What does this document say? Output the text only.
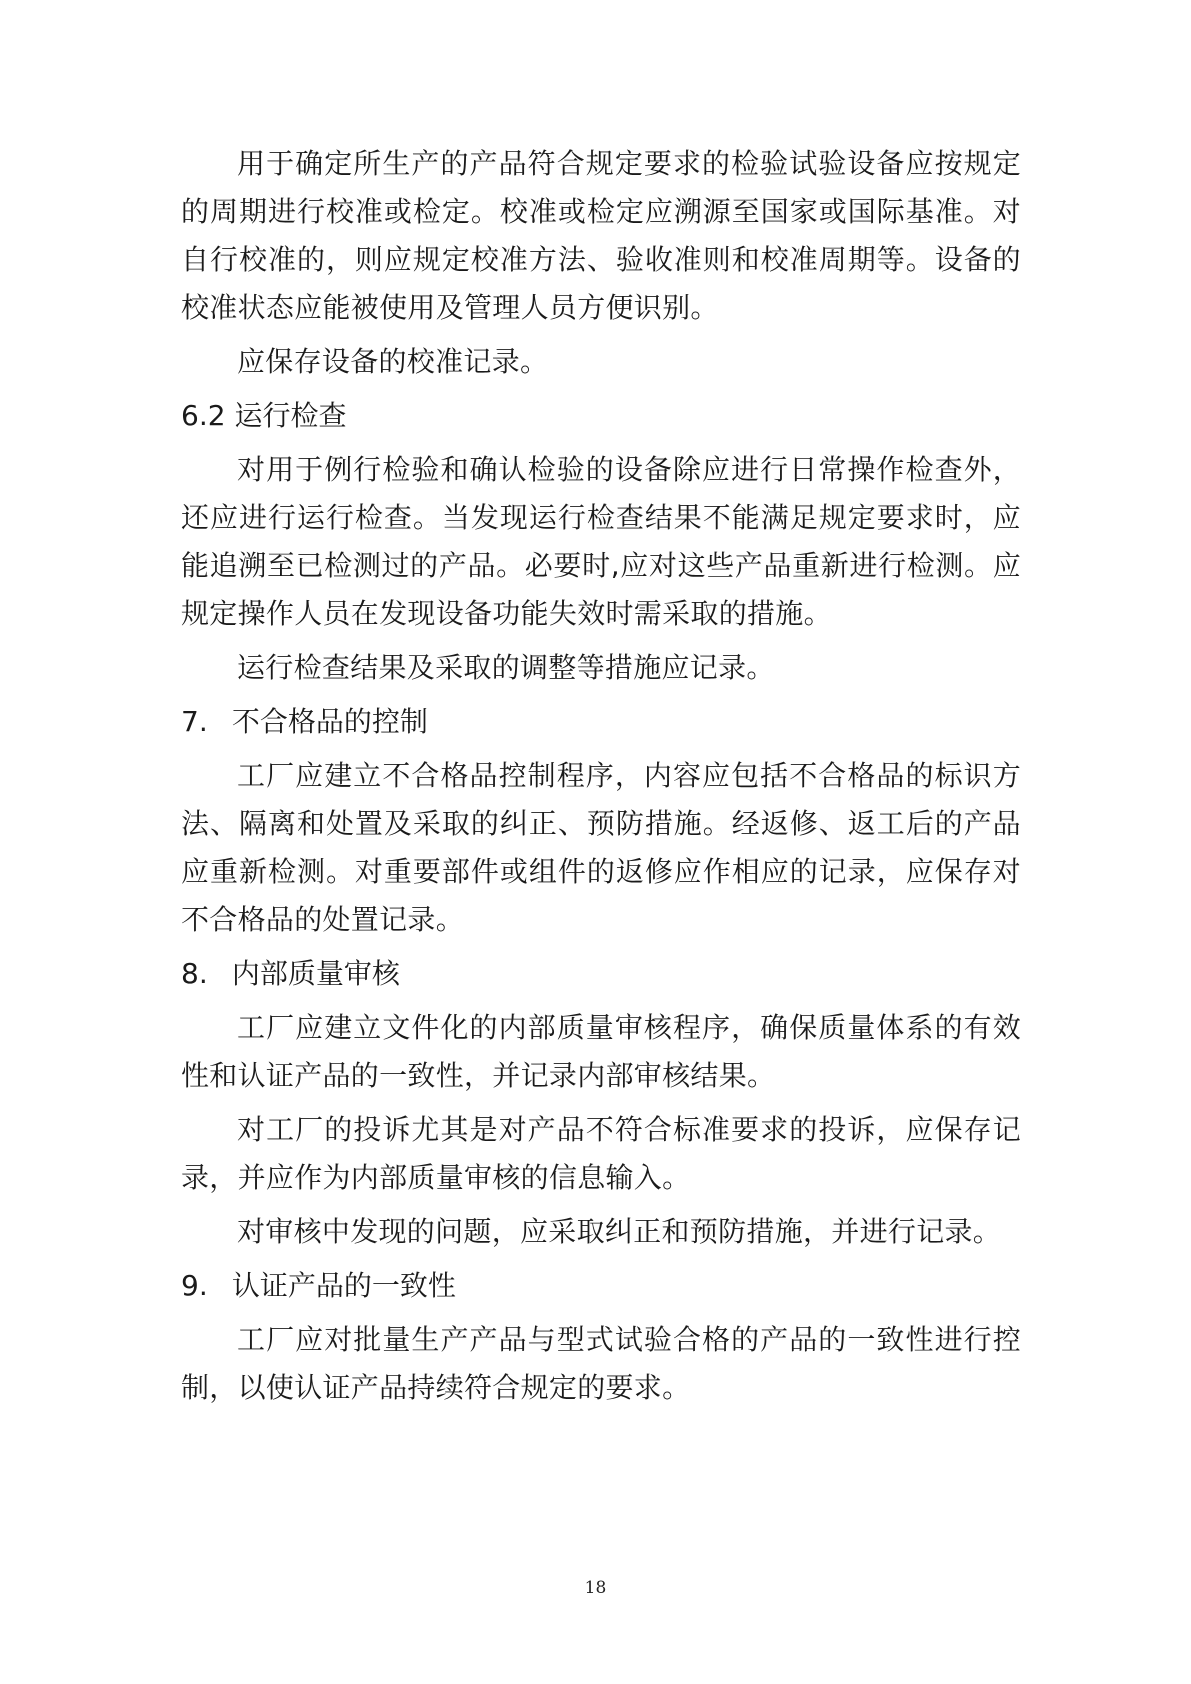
用于确定所生产的产品符合规定要求的检验试验设备应按规定的周期进行校准或检定。校准或检定应溯源至国家或国际基准。对自行校准的，则应规定校准方法、验收准则和校准周期等。设备的校准状态应能被使用及管理人员方便识别。

应保存设备的校准记录。

6.2 运行检查

对用于例行检验和确认检验的设备除应进行日常操作检查外，还应进行运行检查。当发现运行检查结果不能满足规定要求时，应能追溯至已检测过的产品。必要时,应对这些产品重新进行检测。应规定操作人员在发现设备功能失效时需采取的措施。

运行检查结果及采取的调整等措施应记录。

7. 不合格品的控制

工厂应建立不合格品控制程序，内容应包括不合格品的标识方法、隔离和处置及采取的纠正、预防措施。经返修、返工后的产品应重新检测。对重要部件或组件的返修应作相应的记录，应保存对不合格品的处置记录。

8. 内部质量审核

工厂应建立文件化的内部质量审核程序，确保质量体系的有效性和认证产品的一致性，并记录内部审核结果。

对工厂的投诉尤其是对产品不符合标准要求的投诉，应保存记录，并应作为内部质量审核的信息输入。

对审核中发现的问题，应采取纠正和预防措施，并进行记录。

9. 认证产品的一致性

工厂应对批量生产产品与型式试验合格的产品的一致性进行控制，以使认证产品持续符合规定的要求。

18
